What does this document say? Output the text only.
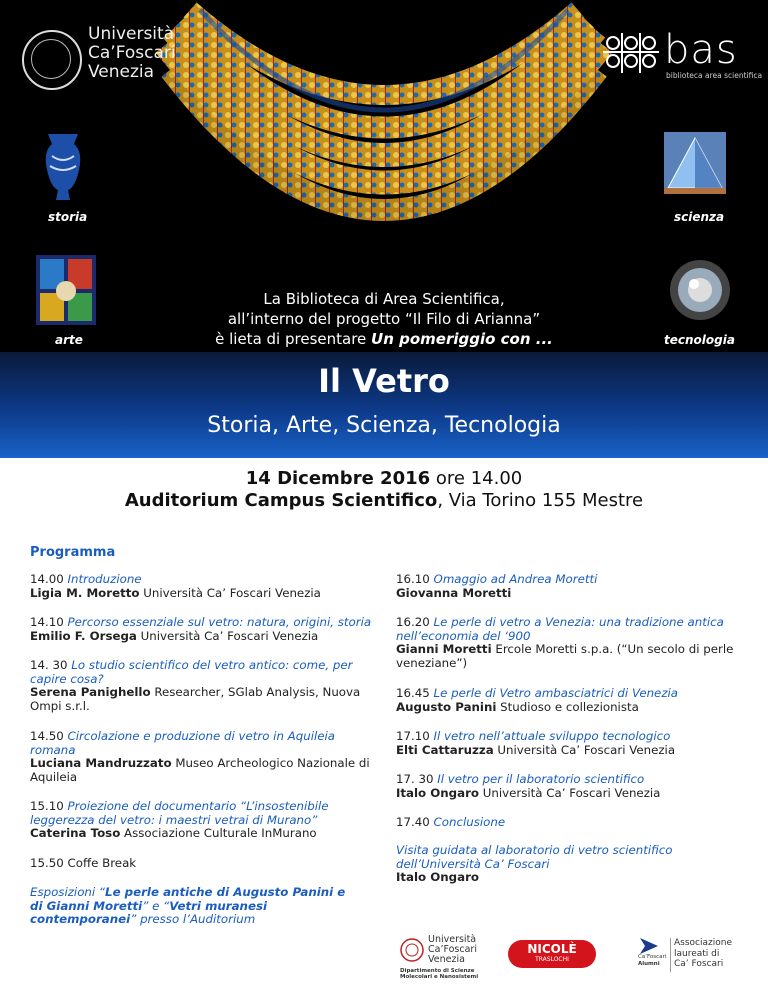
Università
Ca’Foscari
Venezia	bas
biblioteca area scientifica
storia	scienza
arte	tecnologia
La Biblioteca di Area Scientifica,
all’interno del progetto “Il Filo di Arianna”
è lieta di presentare Un pomeriggio con ...
Il Vetro
Storia, Arte, Scienza, Tecnologia
14 Dicembre 2016 ore 14.00
Auditorium Campus Scientifico, Via Torino 155 Mestre
Programma
14.00 Introduzione
Ligia M. Moretto Università Ca’ Foscari Venezia
14.10 Percorso essenziale sul vetro: natura, origini, storia
Emilio F. Orsega Università Ca’ Foscari Venezia
14. 30 Lo studio scientifico del vetro antico: come, per capire cosa?
Serena Panighello Researcher, SGlab Analysis, Nuova Ompi s.r.l.
14.50 Circolazione e produzione di vetro in Aquileia romana
Luciana Mandruzzato Museo Archeologico Nazionale di Aquileia
15.10 Proiezione del documentario “L’insostenibile leggerezza del vetro: i maestri vetrai di Murano”
Caterina Toso Associazione Culturale InMurano
15.50 Coffe Break
Esposizioni “Le perle antiche di Augusto Panini e di Gianni Moretti” e “Vetri muranesi contemporanei” presso l’Auditorium
16.10 Omaggio ad Andrea Moretti
Giovanna Moretti
16.20 Le perle di vetro a Venezia: una tradizione antica nell’economia del ‘900
Gianni Moretti Ercole Moretti s.p.a. (“Un secolo di perle veneziane”)
16.45 Le perle di Vetro ambasciatrici di Venezia
Augusto Panini Studioso e collezionista
17.10 Il vetro nell’attuale sviluppo tecnologico
Elti Cattaruzza Università Ca’ Foscari Venezia
17. 30 Il vetro per il laboratorio scientifico
Italo Ongaro Università Ca’ Foscari Venezia
17.40 Conclusione
Visita guidata al laboratorio di vetro scientifico dell’Università Ca’ Foscari
Italo Ongaro
Università
Ca’Foscari
Venezia
Dipartimento di Scienze
Molecolari e Nanosistemi
NICOLÈ
TRASLOCHI	Ca’Foscari
Alumni
Associazione
laureati di
Ca’ Foscari
